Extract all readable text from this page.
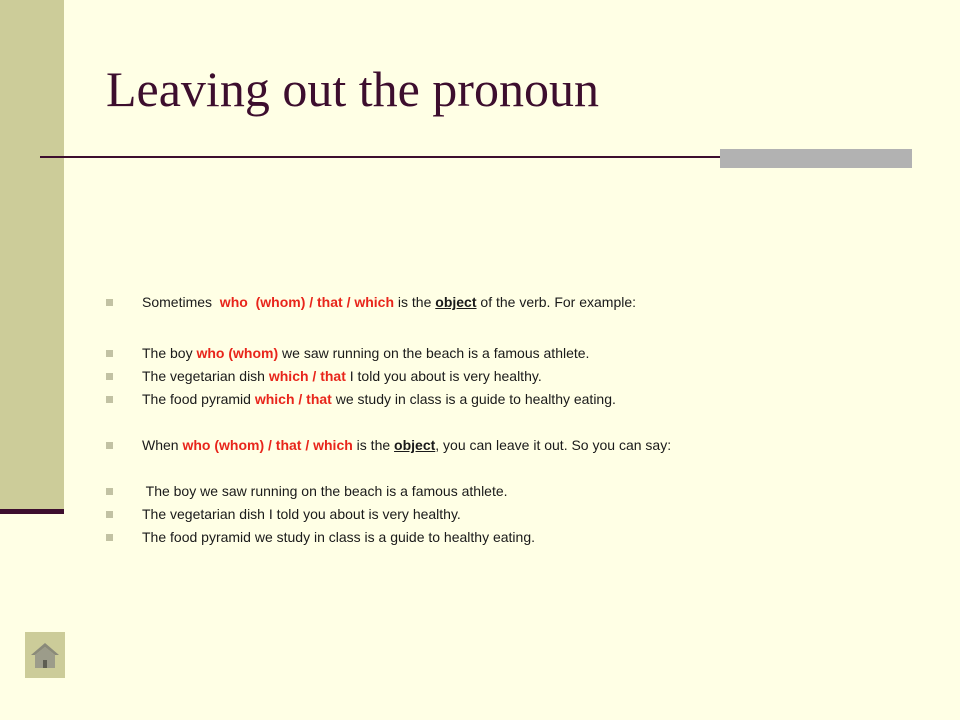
Leaving out the pronoun
Sometimes  who  (whom) / that / which is the object of the verb. For example:
The boy who (whom) we saw running on the beach is a famous athlete.
The vegetarian dish which / that I told you about is very healthy.
The food pyramid which / that we study in class is a guide to healthy eating.
When who (whom) / that / which is the object, you can leave it out. So you can say:
The boy we saw running on the beach is a famous athlete.
The vegetarian dish I told you about is very healthy.
The food pyramid we study in class is a guide to healthy eating.
